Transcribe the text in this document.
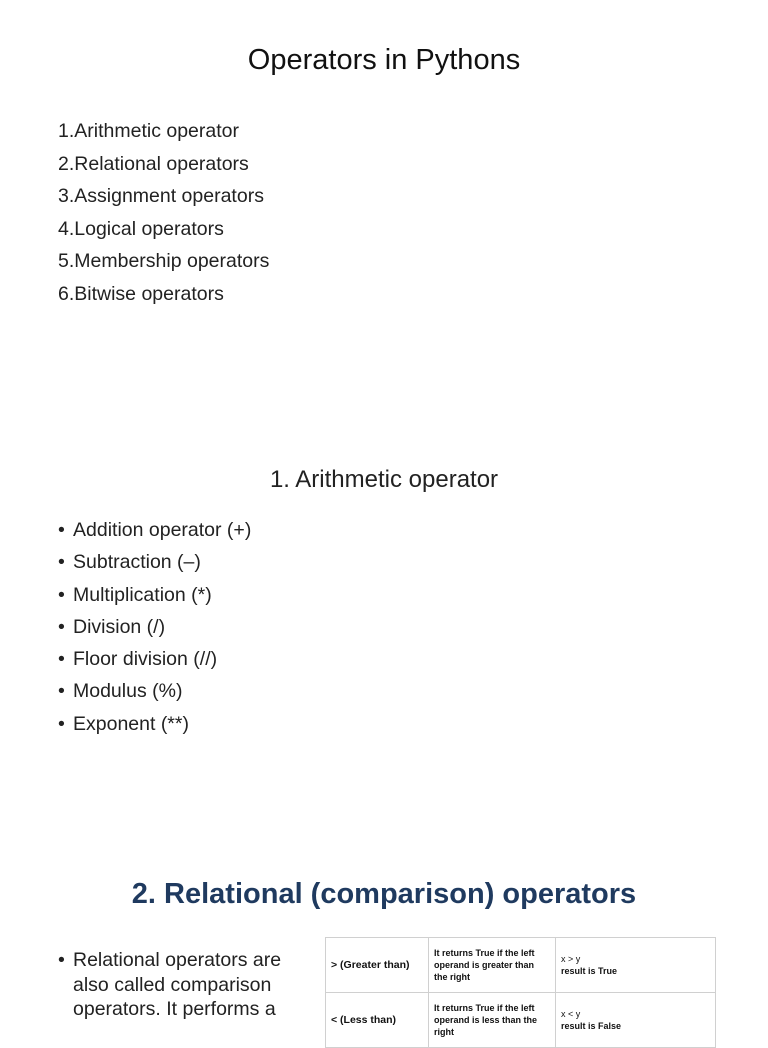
Operators in Pythons
1.Arithmetic operator
2.Relational operators
3.Assignment operators
4.Logical operators
5.Membership operators
6.Bitwise operators
1. Arithmetic operator
• Addition operator (+)
• Subtraction (–)
• Multiplication (*)
• Division (/)
• Floor division (//)
• Modulus (%)
• Exponent (**)
2. Relational (comparison) operators
• Relational operators are also called comparison operators. It performs a
> (Greater than)	It returns True if the left operand is greater than the right	x > y
result is True

< (Less than)	It returns True if the left operand is less than the right	x < y
result is False
